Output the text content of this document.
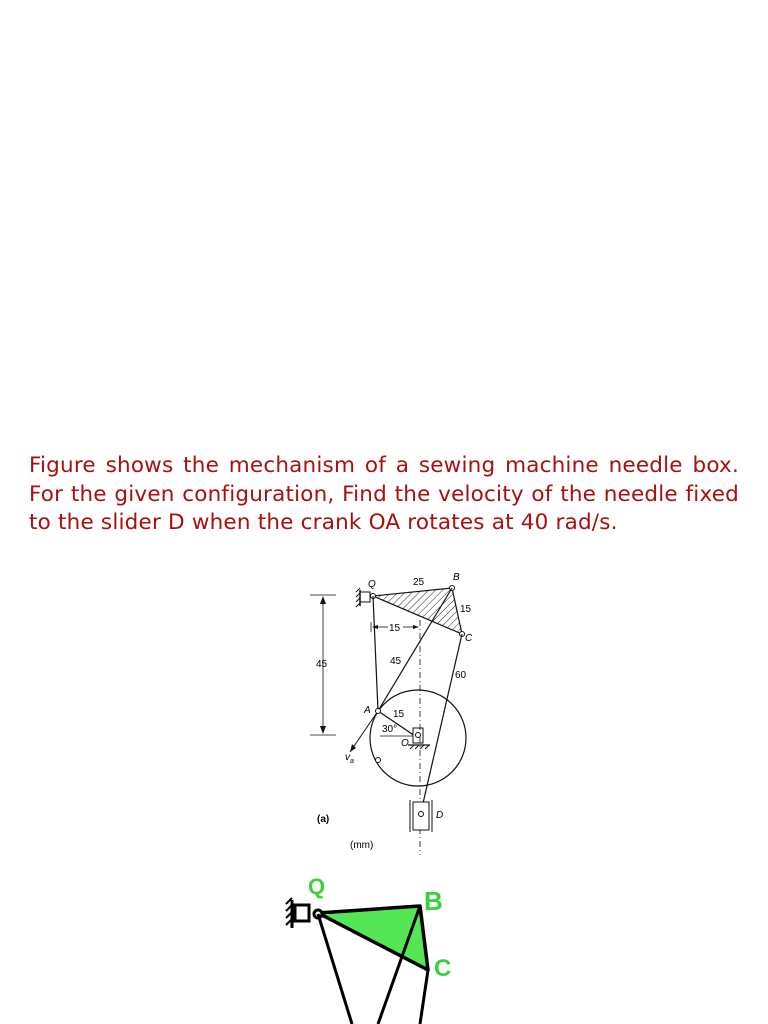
Figure shows the mechanism of a sewing machine needle box. For the given configuration, Find the velocity of the needle fixed to the slider D when the crank OA rotates at 40 rad/s.

Q	25	B
15
C
15
45
60
45
A 15
30°
O
$v_a$
D
(a)
(mm)
Q	B
C
